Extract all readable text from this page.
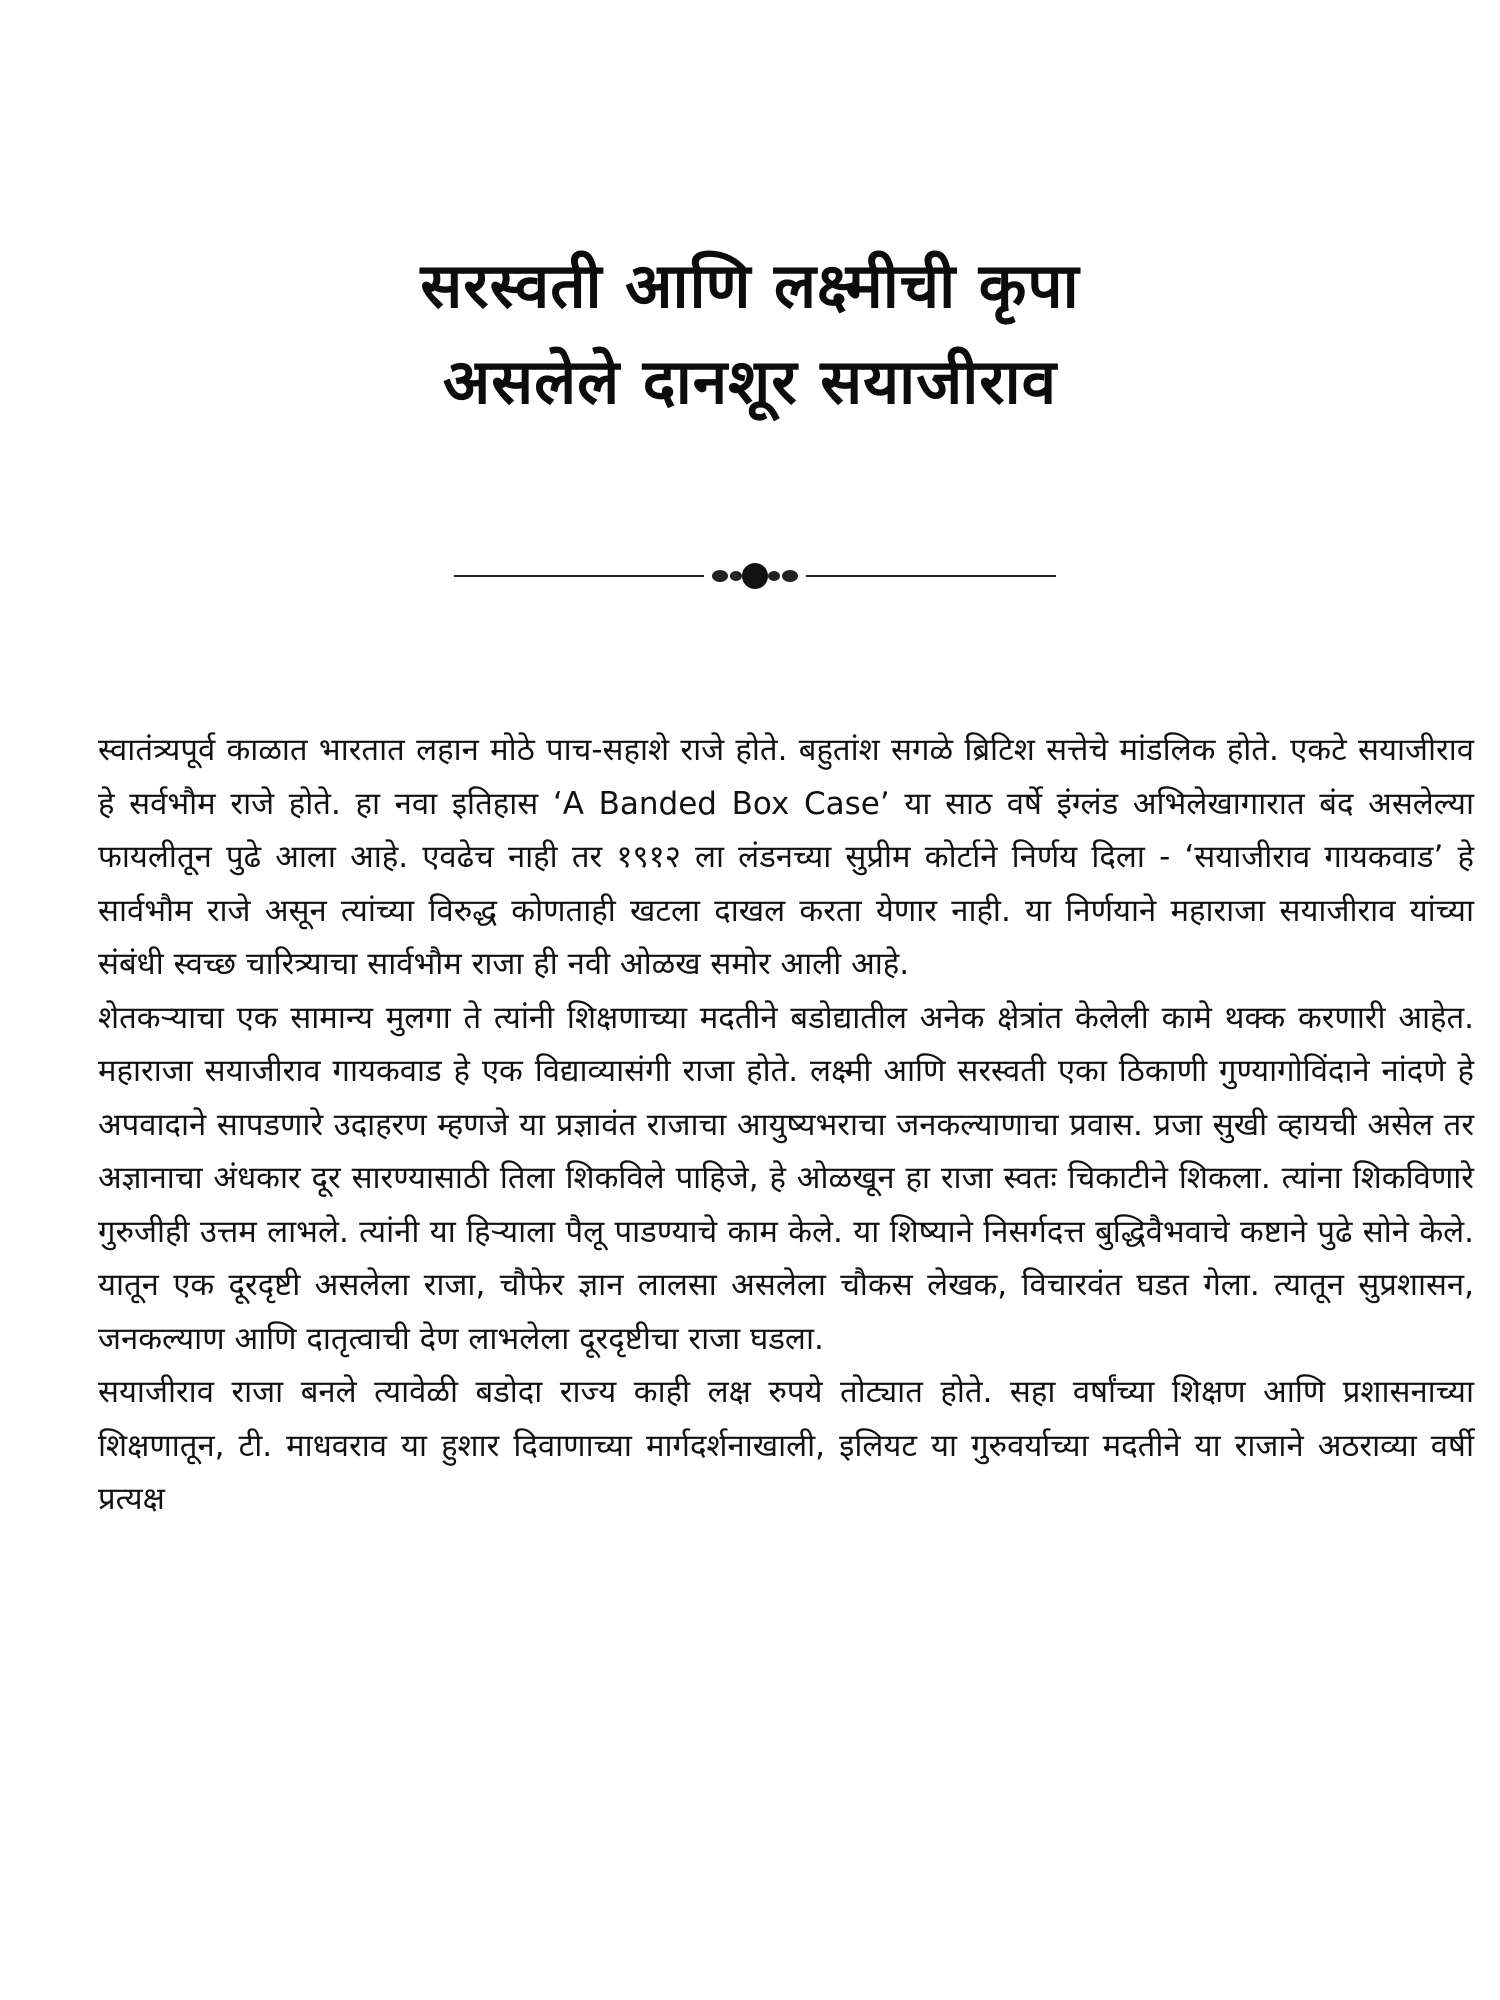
सरस्वती आणि लक्ष्मीची कृपा
असलेले दानशूर सयाजीराव

स्वातंत्र्यपूर्व काळात भारतात लहान मोठे पाच-सहाशे राजे होते. बहुतांश सगळे ब्रिटिश सत्तेचे मांडलिक होते. एकटे सयाजीराव हे सर्वभौम राजे होते. हा नवा इतिहास ‘A Banded Box Case’ या साठ वर्षे इंग्लंड अभिलेखागारात बंद असलेल्या फायलीतून पुढे आला आहे. एवढेच नाही तर १९१२ ला लंडनच्या सुप्रीम कोर्टाने निर्णय दिला - ‘सयाजीराव गायकवाड’ हे सार्वभौम राजे असून त्यांच्या विरुद्ध कोणताही खटला दाखल करता येणार नाही. या निर्णयाने महाराजा सयाजीराव यांच्या संबंधी स्वच्छ चारित्र्याचा सार्वभौम राजा ही नवी ओळख समोर आली आहे.

शेतकऱ्याचा एक सामान्य मुलगा ते त्यांनी शिक्षणाच्या मदतीने बडोद्यातील अनेक क्षेत्रांत केलेली कामे थक्क करणारी आहेत. महाराजा सयाजीराव गायकवाड हे एक विद्याव्यासंगी राजा होते. लक्ष्मी आणि सरस्वती एका ठिकाणी गुण्यागोविंदाने नांदणे हे अपवादाने सापडणारे उदाहरण म्हणजे या प्रज्ञावंत राजाचा आयुष्यभराचा जनकल्याणाचा प्रवास. प्रजा सुखी व्हायची असेल तर अज्ञानाचा अंधकार दूर सारण्यासाठी तिला शिकविले पाहिजे, हे ओळखून हा राजा स्वतः चिकाटीने शिकला. त्यांना शिकविणारे गुरुजीही उत्तम लाभले. त्यांनी या हिऱ्याला पैलू पाडण्याचे काम केले. या शिष्याने निसर्गदत्त बुद्धिवैभवाचे कष्टाने पुढे सोने केले. यातून एक दूरदृष्टी असलेला राजा, चौफेर ज्ञान लालसा असलेला चौकस लेखक, विचारवंत घडत गेला. त्यातून सुप्रशासन, जनकल्याण आणि दातृत्वाची देण लाभलेला दूरदृष्टीचा राजा घडला.

सयाजीराव राजा बनले त्यावेळी बडोदा राज्य काही लक्ष रुपये तोट्यात होते. सहा वर्षांच्या शिक्षण आणि प्रशासनाच्या शिक्षणातून, टी. माधवराव या हुशार दिवाणाच्या मार्गदर्शनाखाली, इलियट या गुरुवर्याच्या मदतीने या राजाने अठराव्या वर्षी प्रत्यक्ष
